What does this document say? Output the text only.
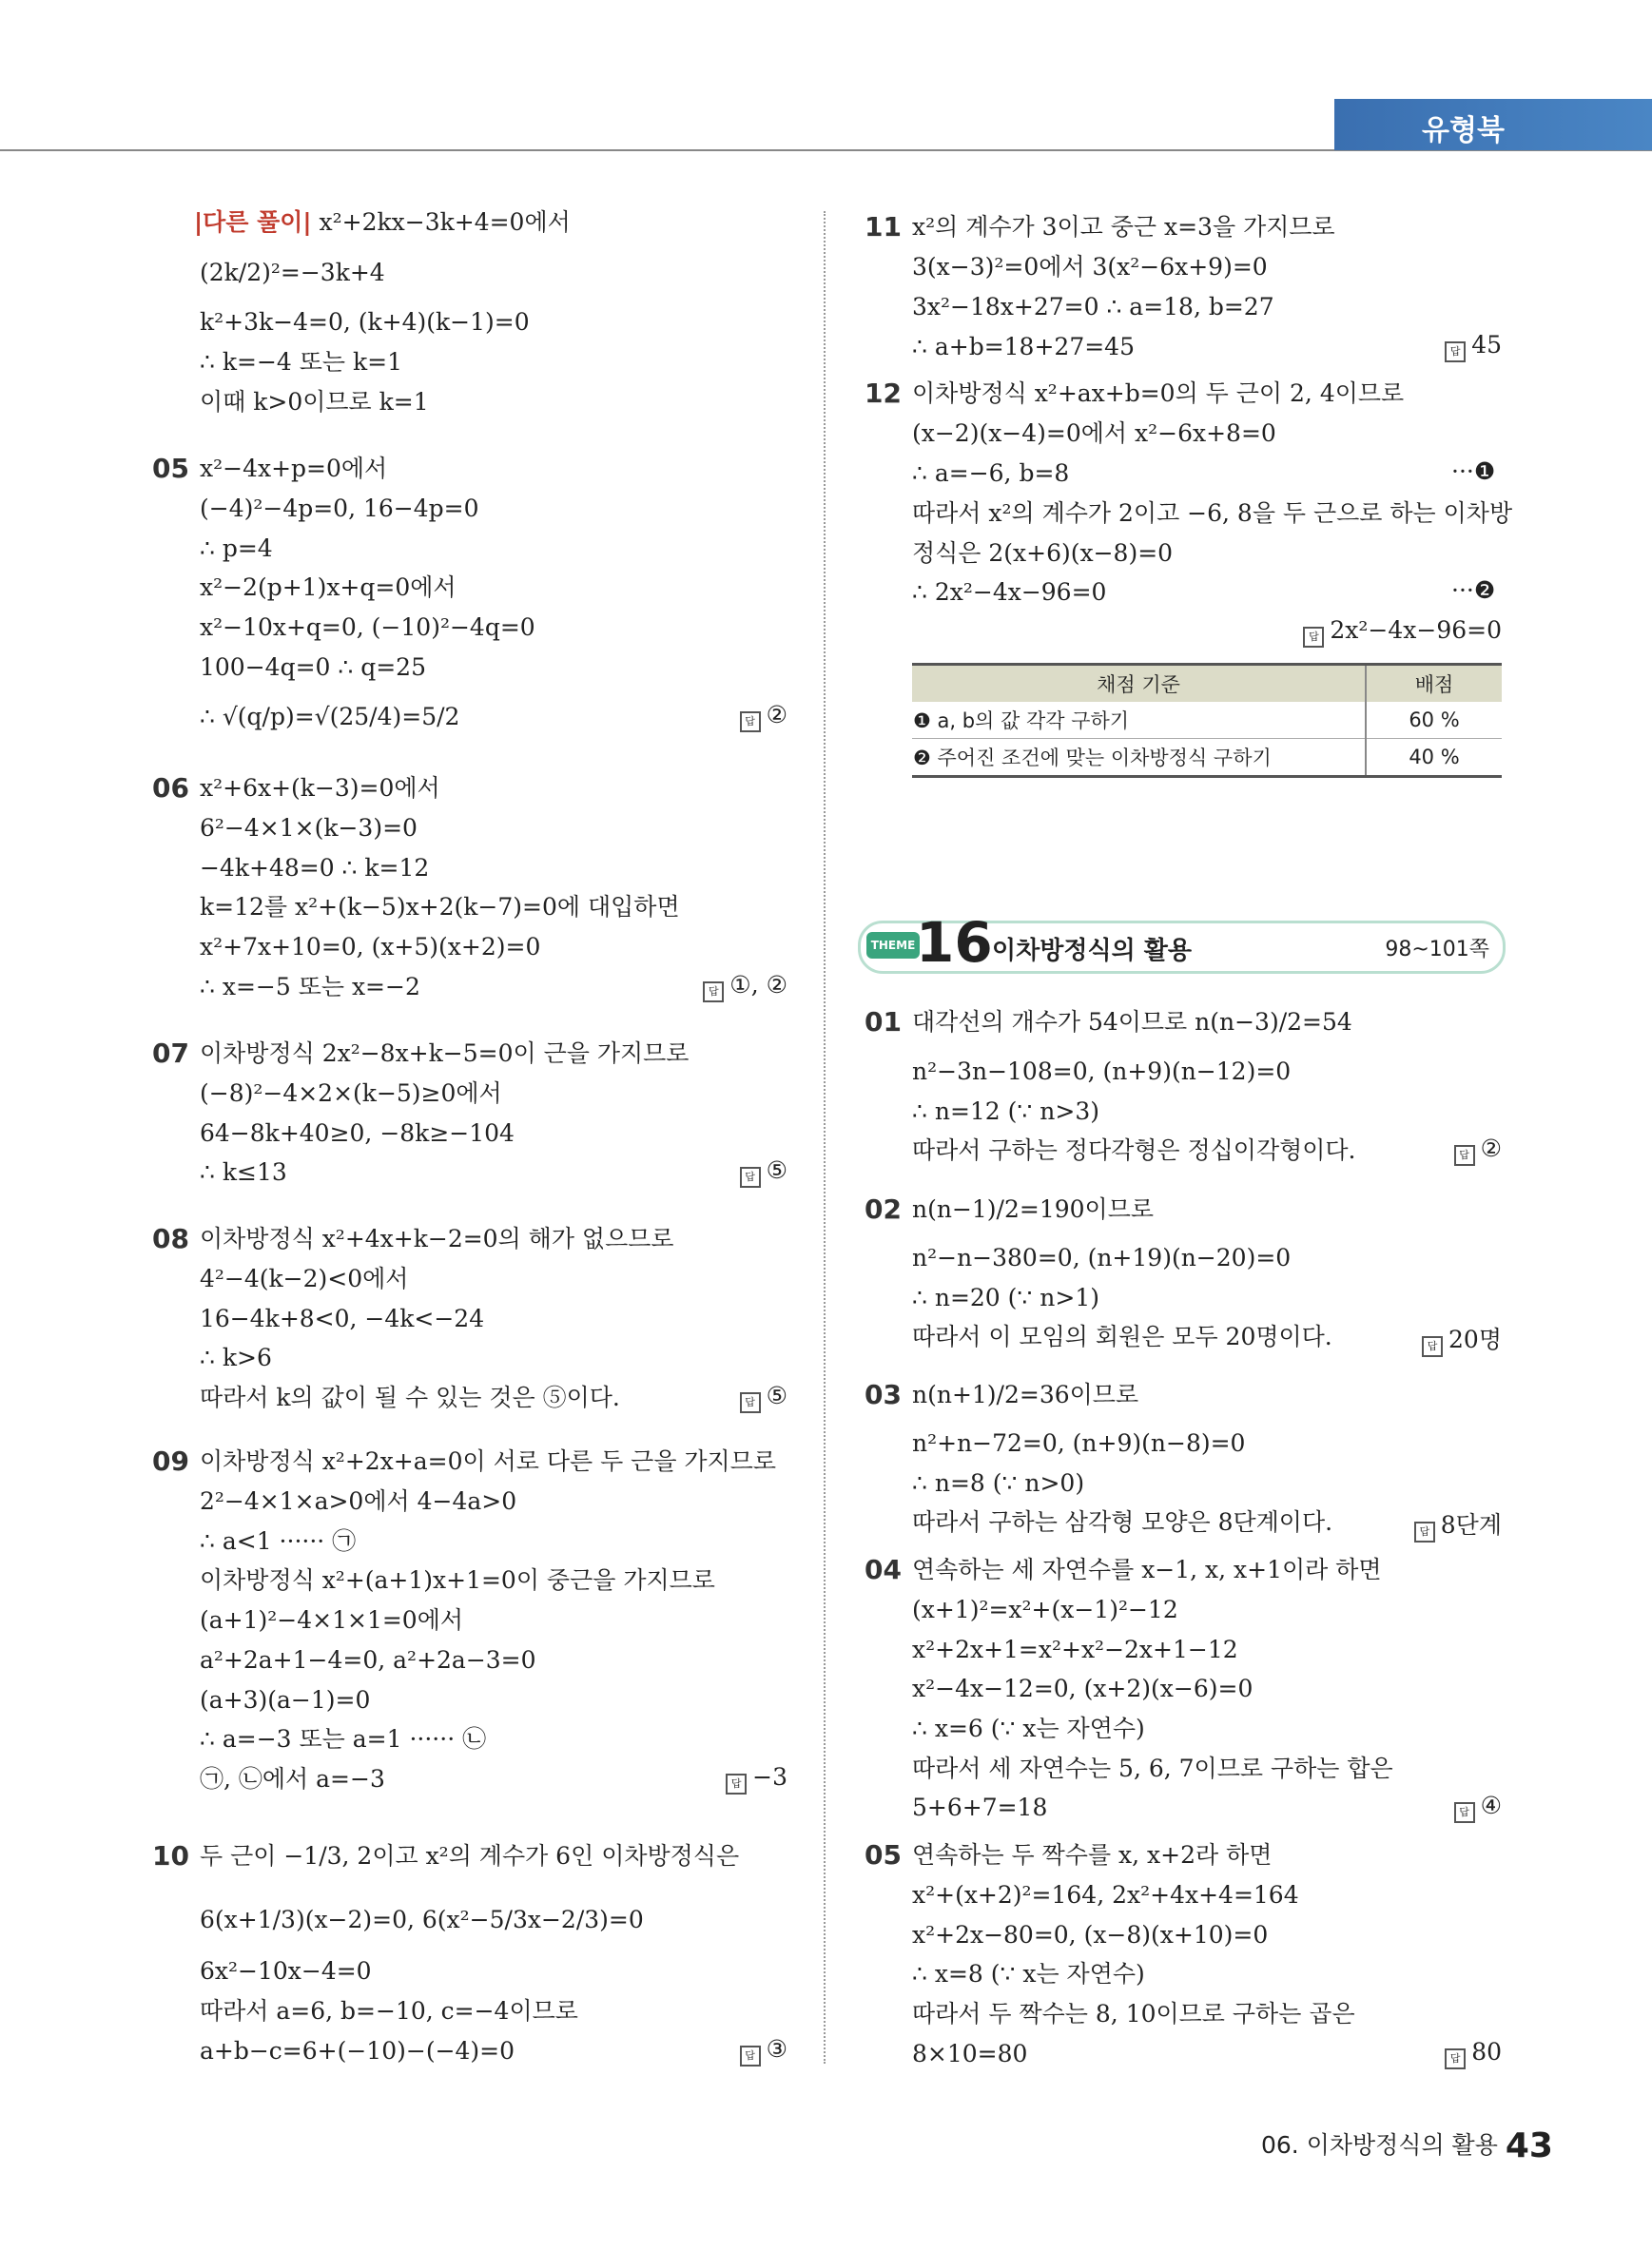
유형북
|다른 풀이| x²+2kx−3k+4=0에서
(2k/2)²=−3k+4
k²+3k−4=0, (k+4)(k−1)=0
∴ k=−4 또는 k=1
이때 k>0이므로 k=1
05 x²−4x+p=0에서
(−4)²−4p=0, 16−4p=0
∴ p=4
x²−2(p+1)x+q=0에서
x²−10x+q=0, (−10)²−4q=0
100−4q=0 ∴ q=25
∴ √(q/p)=√(25/4)=5/2	답 ②
06 x²+6x+(k−3)=0에서
6²−4×1×(k−3)=0
−4k+48=0 ∴ k=12
k=12를 x²+(k−5)x+2(k−7)=0에 대입하면
x²+7x+10=0, (x+5)(x+2)=0
∴ x=−5 또는 x=−2	답 ①, ②
07 이차방정식 2x²−8x+k−5=0이 근을 가지므로
(−8)²−4×2×(k−5)≥0에서
64−8k+40≥0, −8k≥−104
∴ k≤13	답 ⑤
08 이차방정식 x²+4x+k−2=0의 해가 없으므로
4²−4(k−2)<0에서
16−4k+8<0, −4k<−24
∴ k>6
따라서 k의 값이 될 수 있는 것은 ⑤이다.	답 ⑤
09 이차방정식 x²+2x+a=0이 서로 다른 두 근을 가지므로
2²−4×1×a>0에서 4−4a>0
∴ a<1 ······ ㉠
이차방정식 x²+(a+1)x+1=0이 중근을 가지므로
(a+1)²−4×1×1=0에서
a²+2a+1−4=0, a²+2a−3=0
(a+3)(a−1)=0
∴ a=−3 또는 a=1 ······ ㉡
㉠, ㉡에서 a=−3	답 −3
10 두 근이 −1/3, 2이고 x²의 계수가 6인 이차방정식은
6(x+1/3)(x−2)=0, 6(x²−5/3x−2/3)=0
6x²−10x−4=0
따라서 a=6, b=−10, c=−4이므로
a+b−c=6+(−10)−(−4)=0	답 ③
11 x²의 계수가 3이고 중근 x=3을 가지므로
3(x−3)²=0에서 3(x²−6x+9)=0
3x²−18x+27=0 ∴ a=18, b=27
∴ a+b=18+27=45	답 45
12 이차방정식 x²+ax+b=0의 두 근이 2, 4이므로
(x−2)(x−4)=0에서 x²−6x+8=0
∴ a=−6, b=8	···❶
따라서 x²의 계수가 2이고 −6, 8을 두 근으로 하는 이차방
정식은 2(x+6)(x−8)=0
∴ 2x²−4x−96=0	···❷
답 2x²−4x−96=0
채점 기준	배점
❶ a, b의 값 각각 구하기	60 %
❷ 주어진 조건에 맞는 이차방정식 구하기	40 %
THEME 16 이차방정식의 활용	98~101쪽
01 대각선의 개수가 54이므로 n(n−3)/2=54
n²−3n−108=0, (n+9)(n−12)=0
∴ n=12 (∵ n>3)
따라서 구하는 정다각형은 정십이각형이다.	답 ②
02 n(n−1)/2=190이므로
n²−n−380=0, (n+19)(n−20)=0
∴ n=20 (∵ n>1)
따라서 이 모임의 회원은 모두 20명이다.	답 20명
03 n(n+1)/2=36이므로
n²+n−72=0, (n+9)(n−8)=0
∴ n=8 (∵ n>0)
따라서 구하는 삼각형 모양은 8단계이다.	답 8단계
04 연속하는 세 자연수를 x−1, x, x+1이라 하면
(x+1)²=x²+(x−1)²−12
x²+2x+1=x²+x²−2x+1−12
x²−4x−12=0, (x+2)(x−6)=0
∴ x=6 (∵ x는 자연수)
따라서 세 자연수는 5, 6, 7이므로 구하는 합은
5+6+7=18	답 ④
05 연속하는 두 짝수를 x, x+2라 하면
x²+(x+2)²=164, 2x²+4x+4=164
x²+2x−80=0, (x−8)(x+10)=0
∴ x=8 (∵ x는 자연수)
따라서 두 짝수는 8, 10이므로 구하는 곱은
8×10=80	답 80
06. 이차방정식의 활용 43
